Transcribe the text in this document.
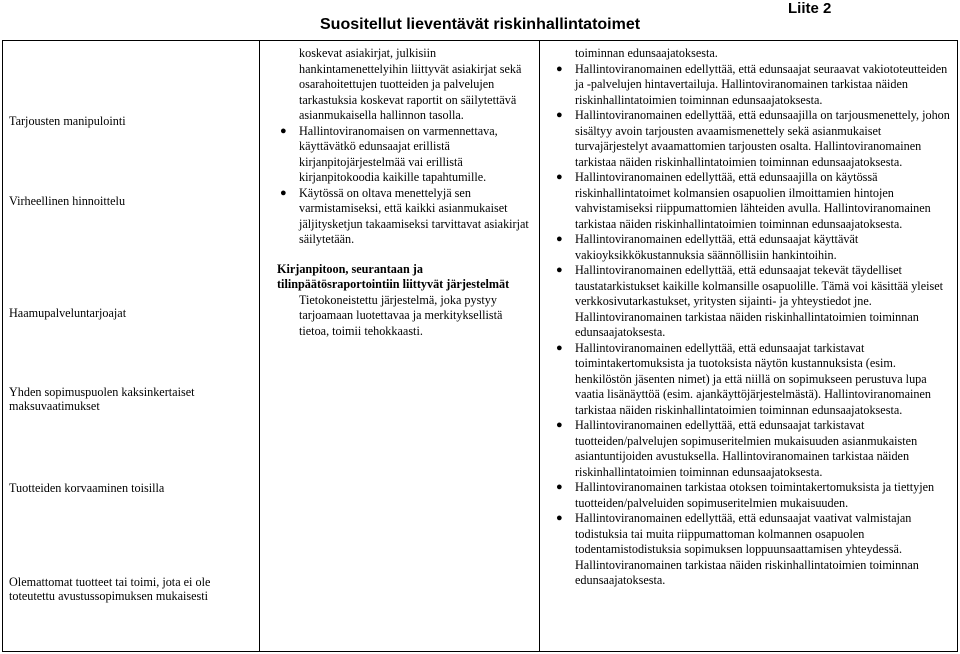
Liite 2
Suositellut lieventävät riskinhallintatoimet
Tarjousten manipulointi
Virheellinen hinnoittelu
Haamupalveluntarjoajat
Yhden sopimuspuolen kaksinkertaiset maksuvaatimukset
Tuotteiden korvaaminen toisilla
Olemattomat tuotteet tai toimi, jota ei ole toteutettu avustussopimuksen mukaisesti
koskevat asiakirjat, julkisiin hankintamenettelyihin liittyvät asiakirjat sekä osarahoitettujen tuotteiden ja palvelujen tarkastuksia koskevat raportit on säilytettävä asianmukaisella hallinnon tasolla.
● Hallintoviranomaisen on varmennettava, käyttävätkö edunsaajat erillistä kirjanpitojärjestelmää vai erillistä kirjanpitokoodia kaikille tapahtumille.
● Käytössä on oltava menettelyjä sen varmistamiseksi, että kaikki asianmukaiset jäljitysketjun takaamiseksi tarvittavat asiakirjat säilytetään.
Kirjanpitoon, seurantaan ja
tilinpäätösraportointiin liittyvät järjestelmät
Tietokoneistettu järjestelmä, joka pystyy tarjoamaan luotettavaa ja merkityksellistä tietoa, toimii tehokkaasti.
toiminnan edunsaajatoksesta.
● Hallintoviranomainen edellyttää, että edunsaajat seuraavat vakiototeutteiden ja -palvelujen hintavertailuja. Hallintoviranomainen tarkistaa näiden riskinhallintatoimien toiminnan edunsaajatoksesta.
● Hallintoviranomainen edellyttää, että edunsaajilla on tarjousmenettely, johon sisältyy avoin tarjousten avaamismenettely sekä asianmukaiset turvajärjestelyt avaamattomien tarjousten osalta. Hallintoviranomainen tarkistaa näiden riskinhallintatoimien toiminnan edunsaajatoksesta.
● Hallintoviranomainen edellyttää, että edunsaajilla on käytössä riskinhallintatoimet kolmansien osapuolien ilmoittamien hintojen vahvistamiseksi riippumattomien lähteiden avulla. Hallintoviranomainen tarkistaa näiden riskinhallintatoimien toiminnan edunsaajatoksesta.
● Hallintoviranomainen edellyttää, että edunsaajat käyttävät vakioyksikkökustannuksia säännöllisiin hankintoihin.
● Hallintoviranomainen edellyttää, että edunsaajat tekevät täydelliset taustatarkistukset kaikille kolmansille osapuolille. Tämä voi käsittää yleiset verkkosivutarkastukset, yritysten sijainti- ja yhteystiedot jne. Hallintoviranomainen tarkistaa näiden riskinhallintatoimien toiminnan edunsaajatoksesta.
● Hallintoviranomainen edellyttää, että edunsaajat tarkistavat toimintakertomuksista ja tuotoksista näytön kustannuksista (esim. henkilöstön jäsenten nimet) ja että niillä on sopimukseen perustuva lupa vaatia lisänäyttöä (esim. ajankäyttöjärjestelmästä). Hallintoviranomainen tarkistaa näiden riskinhallintatoimien toiminnan edunsaajatoksesta.
● Hallintoviranomainen edellyttää, että edunsaajat tarkistavat tuotteiden/palvelujen sopimuseritelmien mukaisuuden asianmukaisten asiantuntijoiden avustuksella. Hallintoviranomainen tarkistaa näiden riskinhallintatoimien toiminnan edunsaajatoksesta.
● Hallintoviranomainen tarkistaa otoksen toimintakertomuksista ja tiettyjen tuotteiden/palveluiden sopimuseritelmien mukaisuuden.
● Hallintoviranomainen edellyttää, että edunsaajat vaativat valmistajan todistuksia tai muita riippumattoman kolmannen osapuolen todentamistodistuksia sopimuksen loppuunsaattamisen yhteydessä. Hallintoviranomainen tarkistaa näiden riskinhallintatoimien toiminnan edunsaajatoksesta.
